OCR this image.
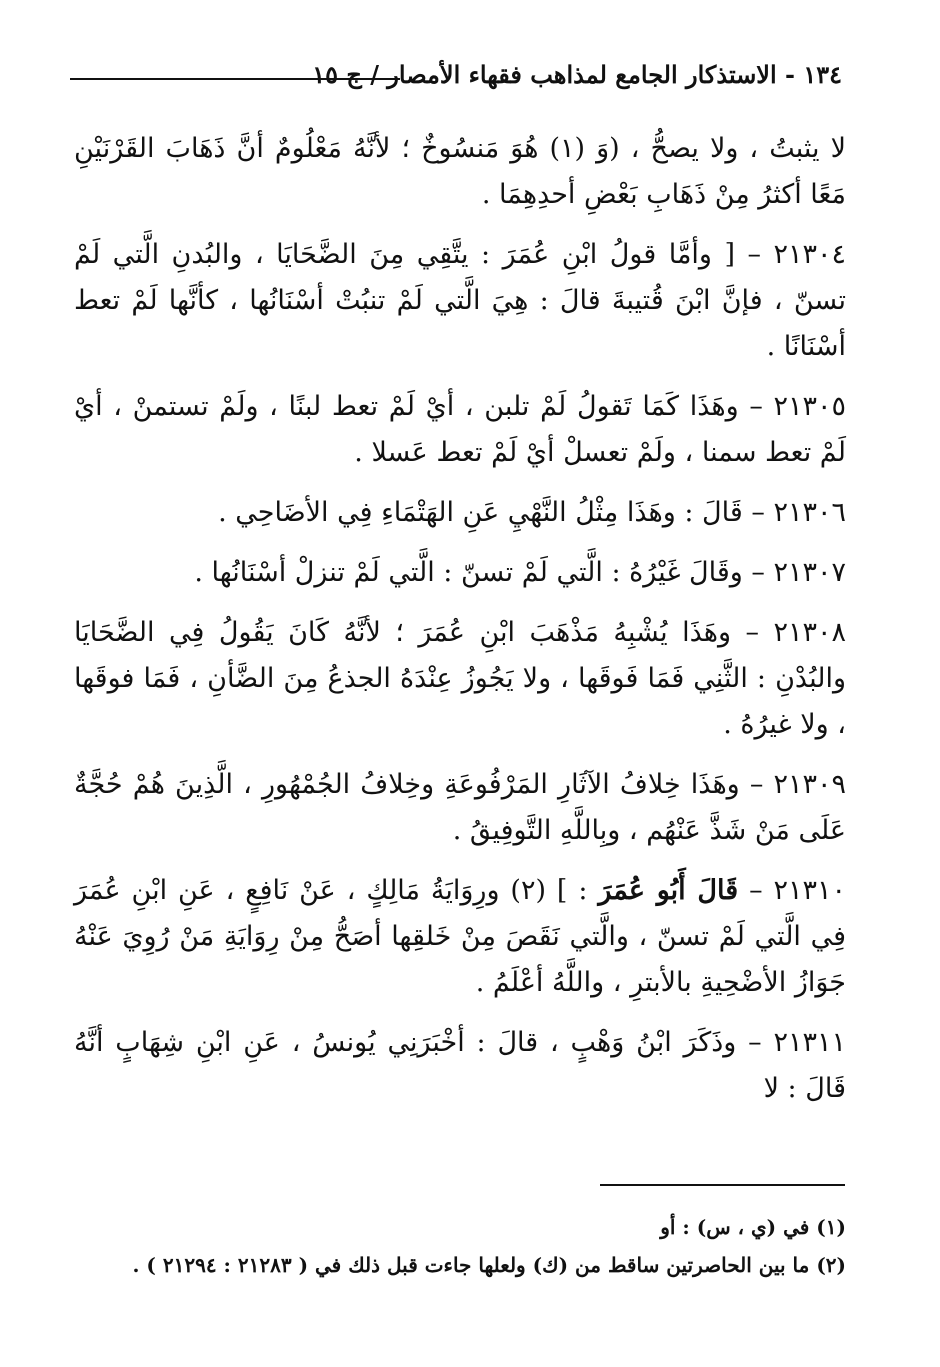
١٣٤ - الاستذكار الجامع لمذاهب فقهاء الأمصار / ج ١٥

لا يثبتُ ، ولا يصحُّ ، (وَ (١) هُوَ مَنسُوخٌ ؛ لأنَّهُ مَعْلُومٌ أنَّ ذَهَابَ القَرْنَيْنِ مَعًا أكثرُ مِنْ ذَهَابِ بَعْضِ أحدِهِمَا .

٢١٣٠٤ – [ وأمَّا قولُ ابْنِ عُمَرَ : يتَّقِي مِنَ الضَّحَايَا ، والبُدنِ الَّتي لَمْ تسنّ ، فإنَّ ابْنَ قُتيبةَ قالَ : هِيَ الَّتي لَمْ تنبُتْ أسْنَانُها ، كأنَّها لَمْ تعط أسْنَانًا .

٢١٣٠٥ – وهَذَا كَمَا تَقولُ لَمْ تلبن ، أيْ لَمْ تعط لبنًا ، ولَمْ تستمنْ ، أيْ لَمْ تعط سمنا ، ولَمْ تعسلْ أيْ لَمْ تعط عَسلا .

٢١٣٠٦ – قَالَ : وهَذَا مِثْلُ النَّهْيِ عَنِ الهَتْمَاءِ فِي الأضَاحِي .

٢١٣٠٧ – وقَالَ غَيْرُهُ : الَّتي لَمْ تسنّ : الَّتي لَمْ تنزلْ أسْنَانُها .

٢١٣٠٨ – وهَذَا يُشْبِهُ مَذْهَبَ ابْنِ عُمَرَ ؛ لأنَّهُ كَانَ يَقُولُ فِي الضَّحَايَا والبُدْنِ : الثَّنِي فَمَا فَوقَها ، ولا يَجُوزُ عِنْدَهُ الجذعُ مِنَ الضَّأنِ ، فَمَا فوقَها ، ولا غيرُهُ .

٢١٣٠٩ – وهَذَا خِلافُ الآثَارِ المَرْفُوعَةِ وخِلافُ الجُمْهُورِ ، الَّذِينَ هُمْ حُجَّةٌ عَلَى مَنْ شَذَّ عَنْهُم ، وبِاللَّهِ التَّوفِيقُ .

٢١٣١٠ – قَالَ أَبُو عُمَرَ : ] (٢) ورِوَايَةُ مَالِكٍ ، عَنْ نَافِعٍ ، عَنِ ابْنِ عُمَرَ فِي الَّتي لَمْ تسنّ ، والَّتي نَقَصَ مِنْ خَلقِها أصَحُّ مِنْ رِوَايَةِ مَنْ رُوِيَ عَنْهُ جَوَازُ الأضْحِيةِ بالأبترِ ، واللَّهُ أعْلَمُ .

٢١٣١١ – وذَكَرَ ابْنُ وَهْبٍ ، قالَ : أخْبَرَنِي يُونسُ ، عَنِ ابْنِ شِهَابٍ أنَّهُ قَالَ : لا

(١) في (ي ، س) : أو

(٢) ما بين الحاصرتين ساقط من (ك) ولعلها جاءت قبل ذلك في ( ٢١٢٨٣ : ٢١٢٩٤ ) .
